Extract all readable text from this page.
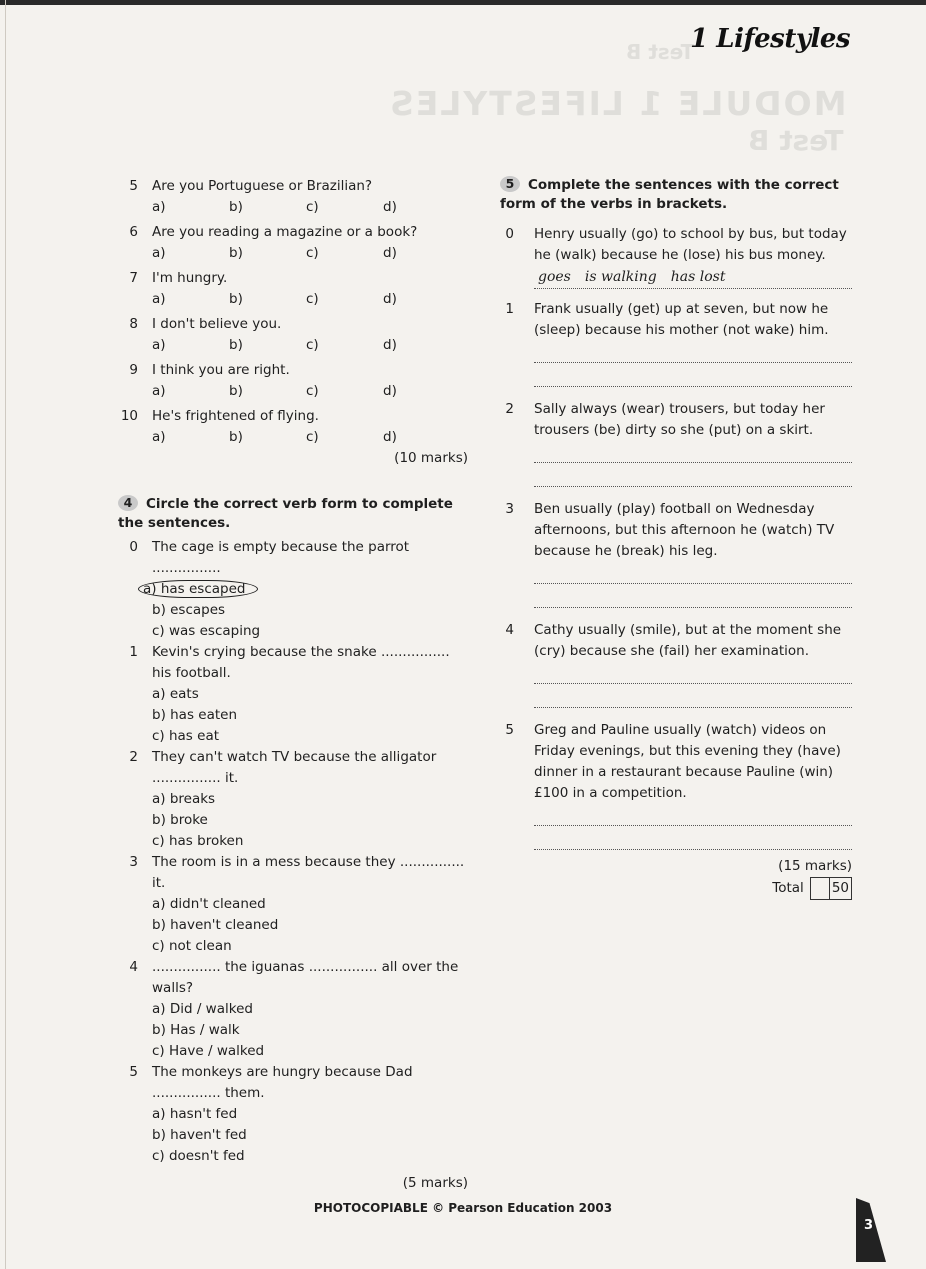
Test B
MODULE 1 LIFESTYLES
Test B
1 Lifestyles
5 Are you Portuguese or Brazilian?
a)	b)	c)	d)
6 Are you reading a magazine or a book?
a)	b)	c)	d)
7 I'm hungry.
a)	b)	c)	d)
8 I don't believe you.
a)	b)	c)	d)
9 I think you are right.
a)	b)	c)	d)
10 He's frightened of flying.
a)	b)	c)	d)
(10 marks)
4 Circle the correct verb form to complete the sentences.
0 The cage is empty because the parrot ................
a) has escaped
b) escapes
c) was escaping
1 Kevin's crying because the snake ................ his football.
a) eats
b) has eaten
c) has eat
2 They can't watch TV because the alligator ................ it.
a) breaks
b) broke
c) has broken
3 The room is in a mess because they ............... it.
a) didn't cleaned
b) haven't cleaned
c) not clean
4 ................ the iguanas ................ all over the walls?
a) Did / walked
b) Has / walk
c) Have / walked
5 The monkeys are hungry because Dad ................ them.
a) hasn't fed
b) haven't fed
c) doesn't fed
(5 marks)
5 Complete the sentences with the correct form of the verbs in brackets.
0 Henry usually (go) to school by bus, but today he (walk) because he (lose) his bus money.
goes is walking has lost
1 Frank usually (get) up at seven, but now he (sleep) because his mother (not wake) him.
2 Sally always (wear) trousers, but today her trousers (be) dirty so she (put) on a skirt.
3 Ben usually (play) football on Wednesday afternoons, but this afternoon he (watch) TV because he (break) his leg.
4 Cathy usually (smile), but at the moment she (cry) because she (fail) her examination.
5 Greg and Pauline usually (watch) videos on Friday evenings, but this evening they (have) dinner in a restaurant because Pauline (win) £100 in a competition.
(15 marks)
Total 50
PHOTOCOPIABLE © Pearson Education 2003
3
